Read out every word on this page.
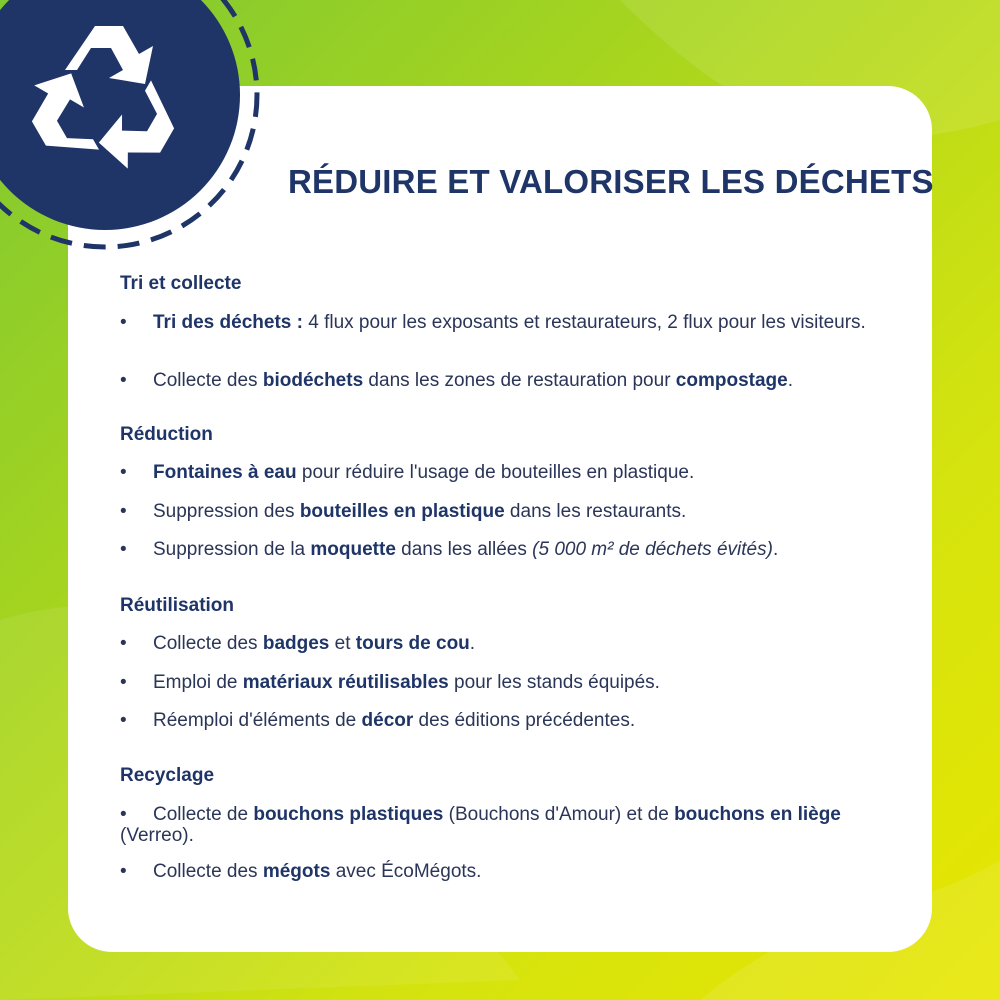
RÉDUIRE ET VALORISER LES DÉCHETS
Tri et collecte

• Tri des déchets : 4 flux pour les exposants et restaurateurs, 2 flux pour les visiteurs.

• Collecte des biodéchets dans les zones de restauration pour compostage.

Réduction

• Fontaines à eau pour réduire l'usage de bouteilles en plastique.

• Suppression des bouteilles en plastique dans les restaurants.

• Suppression de la moquette dans les allées (5 000 m² de déchets évités).

Réutilisation

• Collecte des badges et tours de cou.

• Emploi de matériaux réutilisables pour les stands équipés.

• Réemploi d'éléments de décor des éditions précédentes.

Recyclage

• Collecte de bouchons plastiques (Bouchons d'Amour) et de bouchons en liège (Verreo).

• Collecte des mégots avec ÉcoMégots.
